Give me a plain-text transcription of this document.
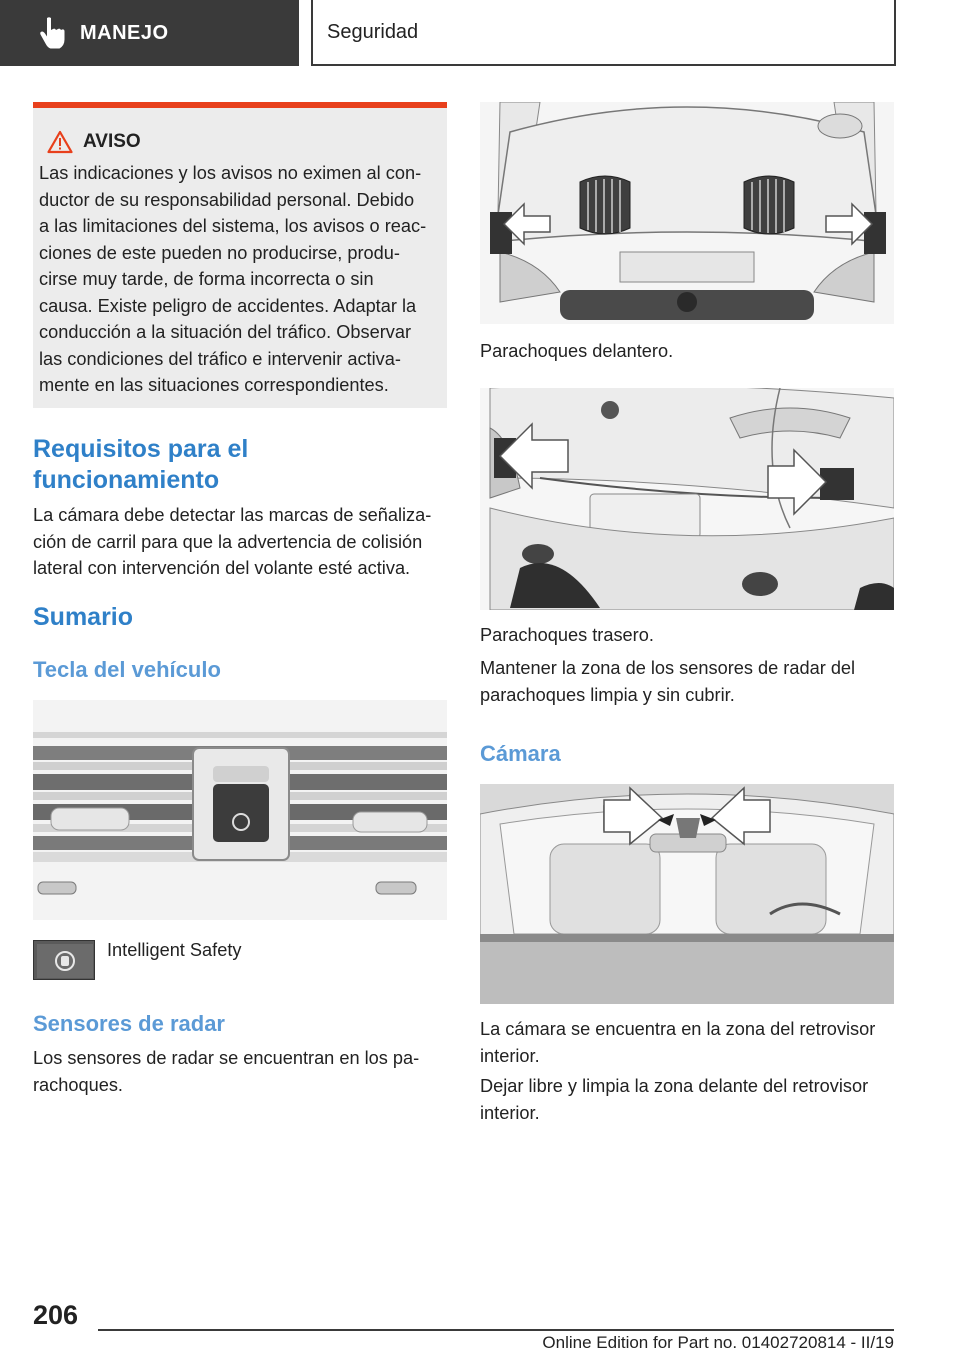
MANEJO	Seguridad
AVISO
Las indicaciones y los avisos no eximen al con‐
ductor de su responsabilidad personal. Debido
a las limitaciones del sistema, los avisos o reac‐
ciones de este pueden no producirse, produ‐
cirse muy tarde, de forma incorrecta o sin
causa. Existe peligro de accidentes. Adaptar la
conducción a la situación del tráfico. Observar
las condiciones del tráfico e intervenir activa‐
mente en las situaciones correspondientes.
Requisitos para el
funcionamiento
La cámara debe detectar las marcas de señaliza‐
ción de carril para que la advertencia de colisión
lateral con intervención del volante esté activa.
Sumario
Tecla del vehículo
Intelligent Safety
Sensores de radar
Los sensores de radar se encuentran en los pa‐
rachoques.
Parachoques delantero.
Parachoques trasero.
Mantener la zona de los sensores de radar del
parachoques limpia y sin cubrir.
Cámara
La cámara se encuentra en la zona del retrovisor
interior.
Dejar libre y limpia la zona delante del retrovisor
interior.
206
Online Edition for Part no. 01402720814 - II/19
